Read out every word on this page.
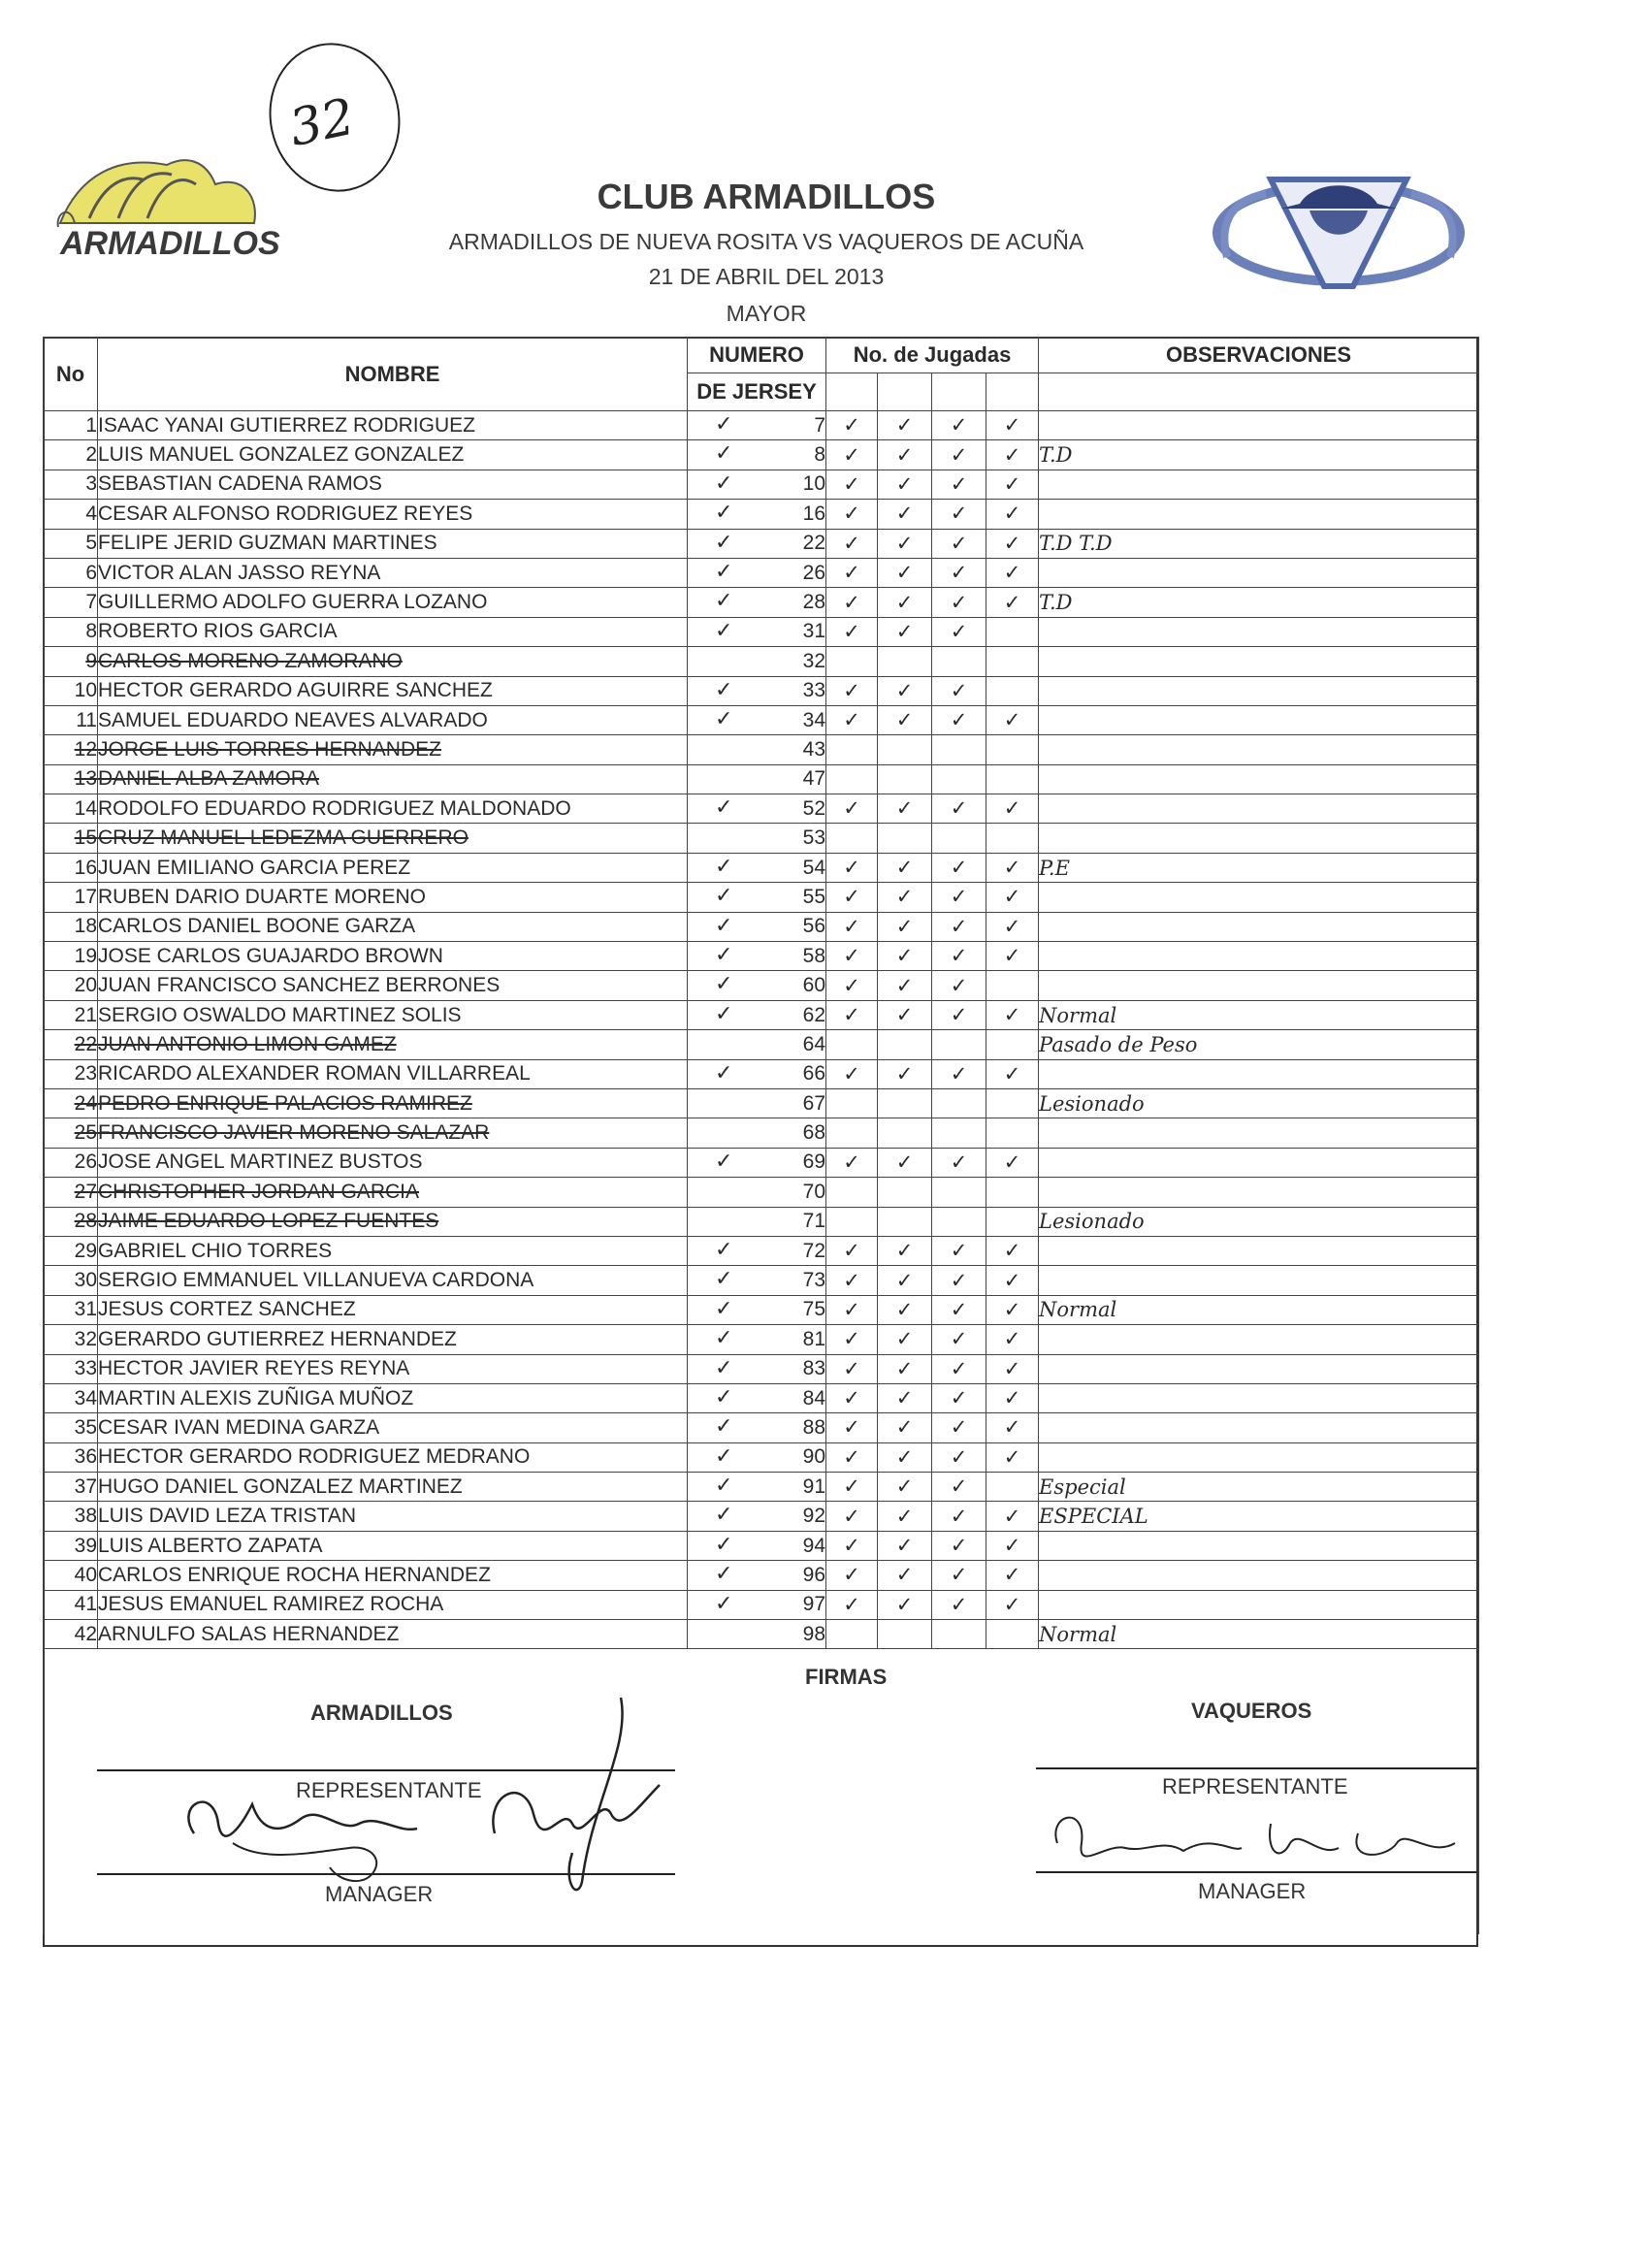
32
ARMADILLOS
CLUB ARMADILLOS
ARMADILLOS DE NUEVA ROSITA VS VAQUEROS DE ACUÑA
21 DE ABRIL DEL 2013
MAYOR
No	NOMBRE	NUMERO	No. de Jugadas				OBSERVACIONES
		DE JERSEY					
1	ISAAC YANAI GUTIERREZ RODRIGUEZ	✓ 7	✓	✓	✓	✓	
2	LUIS MANUEL GONZALEZ GONZALEZ	✓ 8	✓	✓	✓	✓	T.D
3	SEBASTIAN CADENA RAMOS	✓ 10	✓	✓	✓	✓	
4	CESAR ALFONSO RODRIGUEZ REYES	✓ 16	✓	✓	✓	✓	
5	FELIPE JERID GUZMAN MARTINES	✓ 22	✓	✓	✓	✓	T.D T.D
6	VICTOR ALAN JASSO REYNA	✓ 26	✓	✓	✓	✓	
7	GUILLERMO ADOLFO GUERRA LOZANO	✓ 28	✓	✓	✓	✓	T.D
8	ROBERTO RIOS GARCIA	✓ 31	✓	✓	✓		
9	CARLOS MORENO ZAMORANO	32					
10	HECTOR GERARDO AGUIRRE SANCHEZ	✓ 33	✓	✓	✓		
11	SAMUEL EDUARDO NEAVES ALVARADO	✓ 34	✓	✓	✓	✓	
12	JORGE LUIS TORRES HERNANDEZ	43					
13	DANIEL ALBA ZAMORA	47					
14	RODOLFO EDUARDO RODRIGUEZ MALDONADO	✓ 52	✓	✓	✓	✓	
15	CRUZ MANUEL LEDEZMA GUERRERO	53					
16	JUAN EMILIANO GARCIA PEREZ	✓ 54	✓	✓	✓	✓	P.E
17	RUBEN DARIO DUARTE MORENO	✓ 55	✓	✓	✓	✓	
18	CARLOS DANIEL BOONE GARZA	✓ 56	✓	✓	✓	✓	
19	JOSE CARLOS GUAJARDO BROWN	✓ 58	✓	✓	✓	✓	
20	JUAN FRANCISCO SANCHEZ BERRONES	✓ 60	✓	✓	✓		
21	SERGIO OSWALDO MARTINEZ SOLIS	✓ 62	✓	✓	✓	✓	Normal
22	JUAN ANTONIO LIMON GAMEZ	64					Pasado de Peso
23	RICARDO ALEXANDER ROMAN VILLARREAL	✓ 66	✓	✓	✓	✓	
24	PEDRO ENRIQUE PALACIOS RAMIREZ	67					Lesionado
25	FRANCISCO JAVIER MORENO SALAZAR	68					
26	JOSE ANGEL MARTINEZ BUSTOS	✓ 69	✓	✓	✓	✓	
27	CHRISTOPHER JORDAN GARCIA	70					
28	JAIME EDUARDO LOPEZ FUENTES	71					Lesionado
29	GABRIEL CHIO TORRES	✓ 72	✓	✓	✓	✓	
30	SERGIO EMMANUEL VILLANUEVA CARDONA	✓ 73	✓	✓	✓	✓	
31	JESUS CORTEZ SANCHEZ	✓ 75	✓	✓	✓	✓	Normal
32	GERARDO GUTIERREZ HERNANDEZ	✓ 81	✓	✓	✓	✓	
33	HECTOR JAVIER REYES REYNA	✓ 83	✓	✓	✓	✓	
34	MARTIN ALEXIS ZUÑIGA MUÑOZ	✓ 84	✓	✓	✓	✓	
35	CESAR IVAN MEDINA GARZA	✓ 88	✓	✓	✓	✓	
36	HECTOR GERARDO RODRIGUEZ MEDRANO	✓ 90	✓	✓	✓	✓	
37	HUGO DANIEL GONZALEZ MARTINEZ	✓ 91	✓	✓	✓		Especial
38	LUIS DAVID LEZA TRISTAN	✓ 92	✓	✓	✓	✓	ESPECIAL
39	LUIS ALBERTO ZAPATA	✓ 94	✓	✓	✓	✓	
40	CARLOS ENRIQUE ROCHA HERNANDEZ	✓ 96	✓	✓	✓	✓	
41	JESUS EMANUEL RAMIREZ ROCHA	✓ 97	✓	✓	✓	✓	
42	ARNULFO SALAS HERNANDEZ	98					Normal

FIRMAS
ARMADILLOS	VAQUEROS
REPRESENTANTE	REPRESENTANTE
MANAGER	MANAGER
